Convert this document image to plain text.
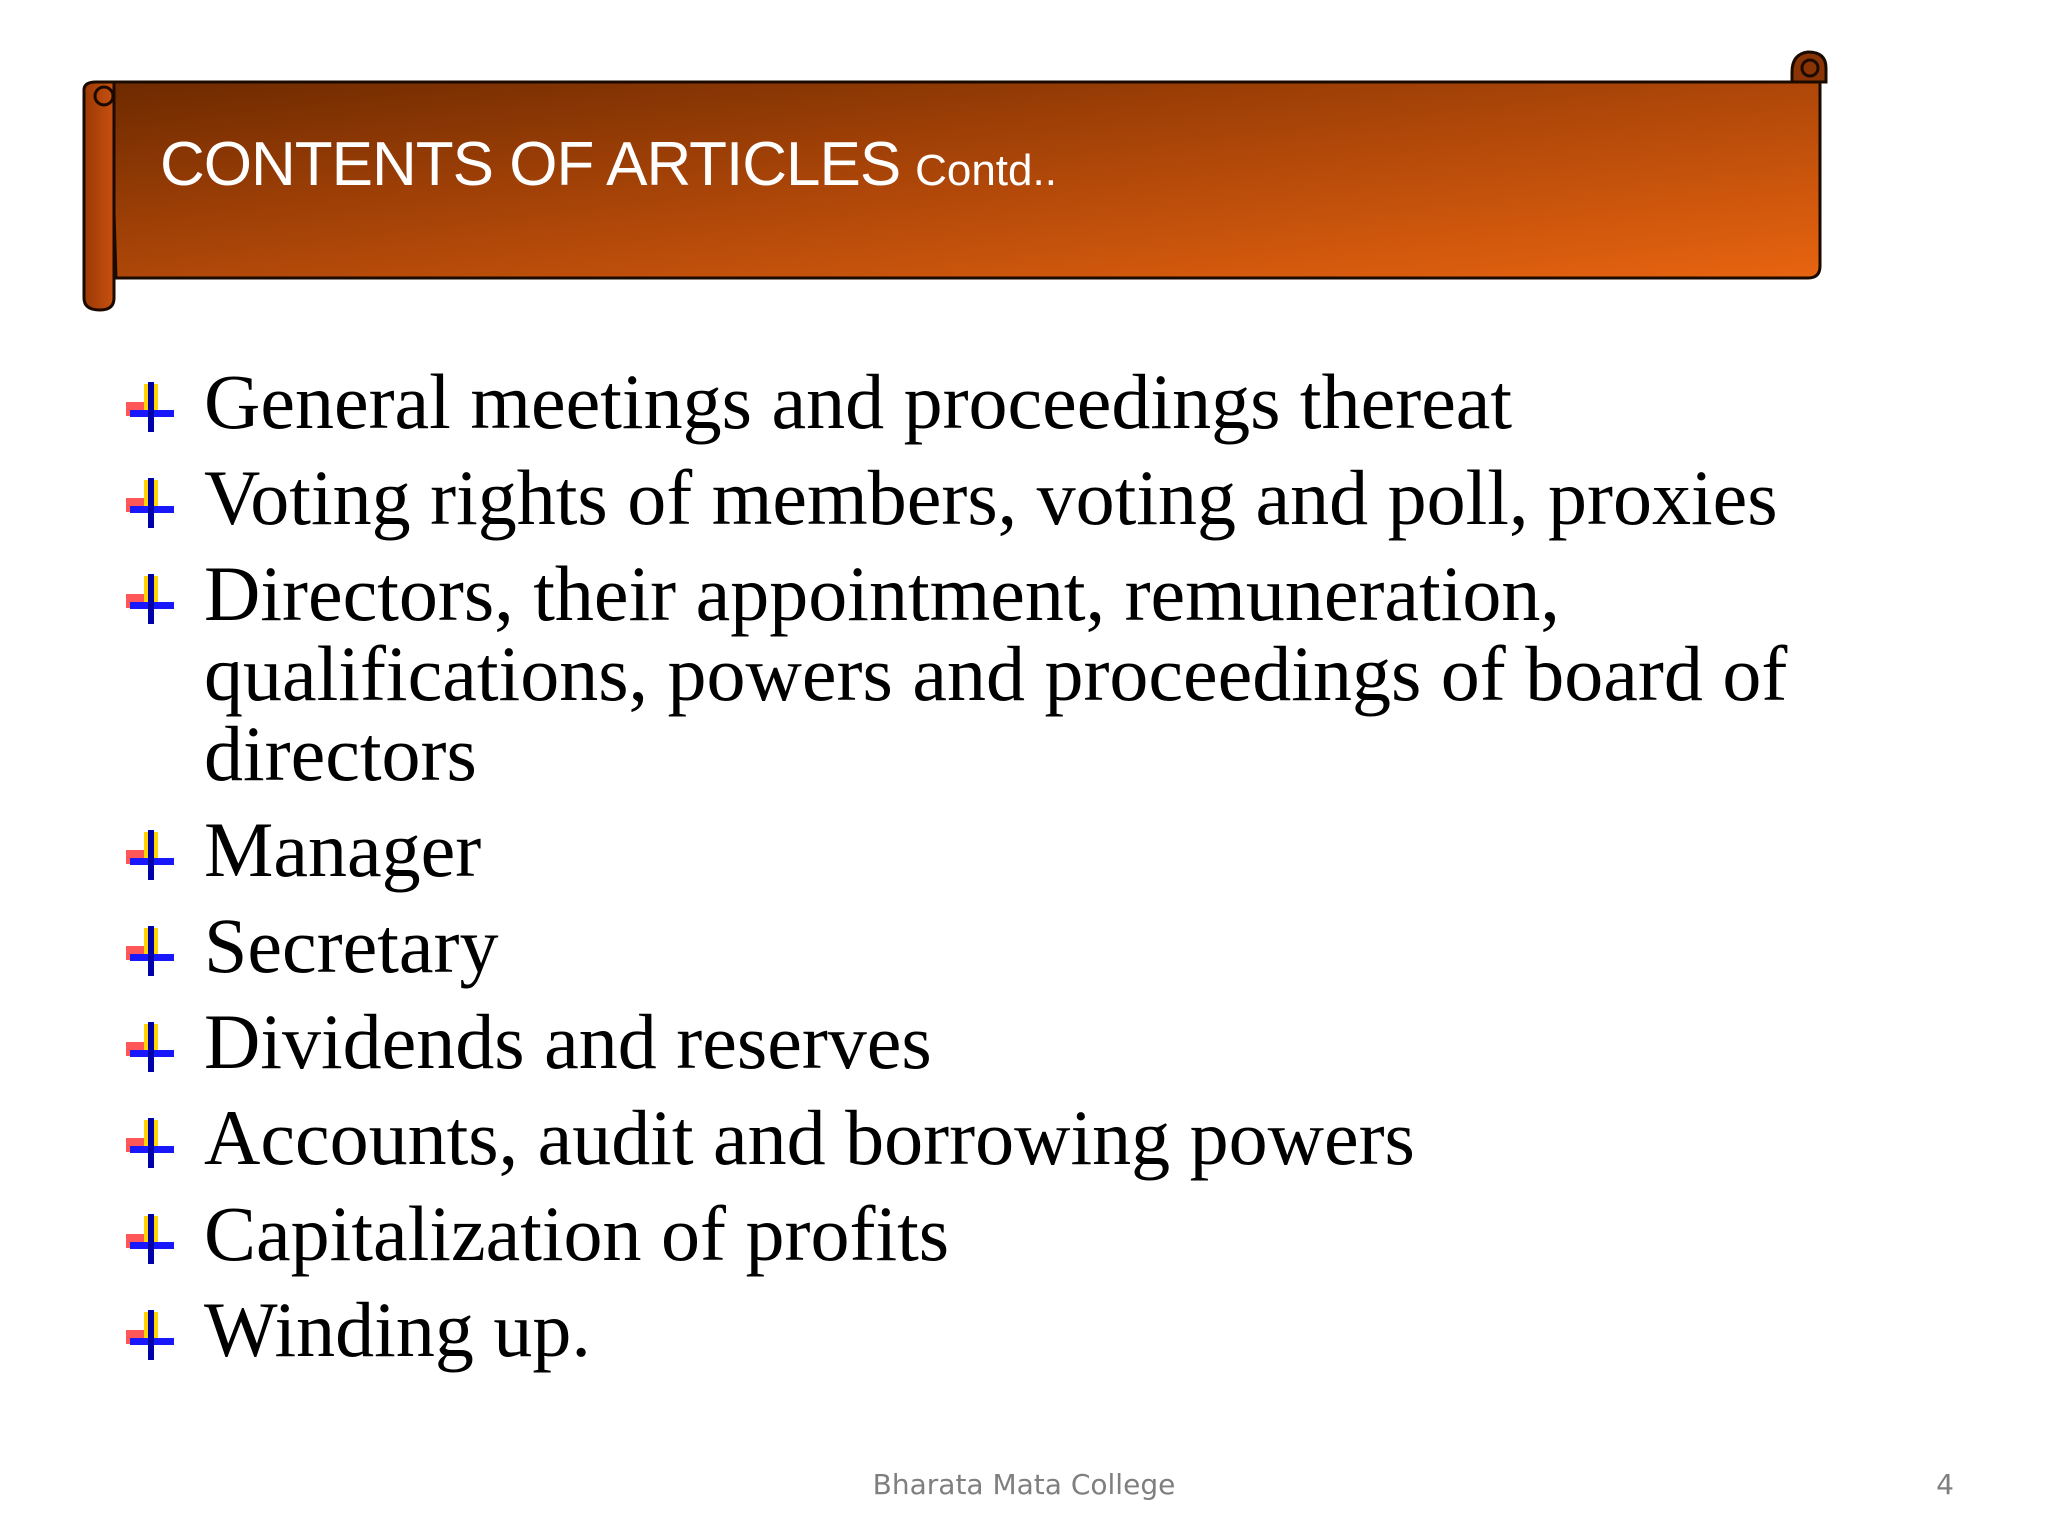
CONTENTS OF ARTICLES Contd..
General meetings and proceedings thereat
Voting rights of members, voting and poll, proxies
Directors, their appointment, remuneration, qualifications, powers and proceedings of board of directors
Manager
Secretary
Dividends and reserves
Accounts, audit and borrowing powers
Capitalization of profits
Winding up.
Bharata Mata College	4
